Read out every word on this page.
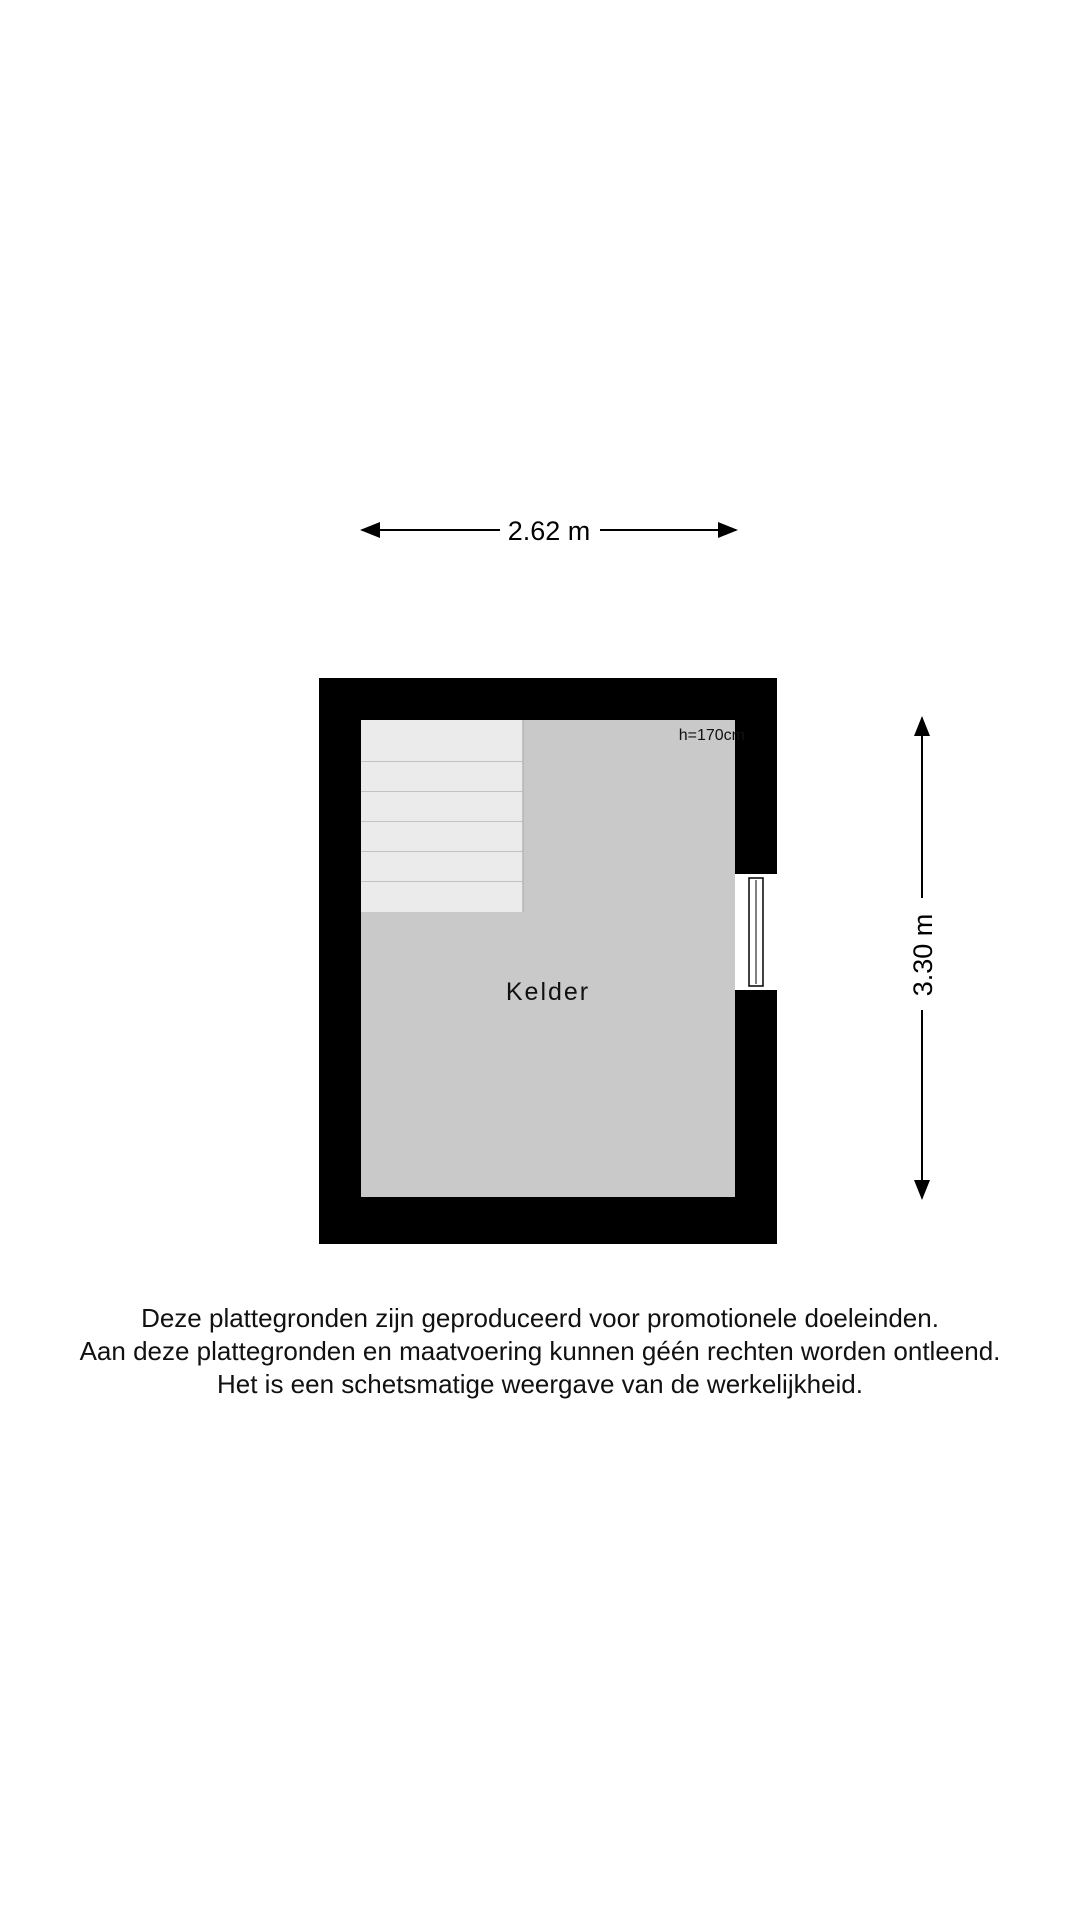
2.62 m
3.30 m
Kelder
h=170cm
Deze plattegronden zijn geproduceerd voor promotionele doeleinden.
Aan deze plattegronden en maatvoering kunnen géén rechten worden ontleend.
Het is een schetsmatige weergave van de werkelijkheid.
